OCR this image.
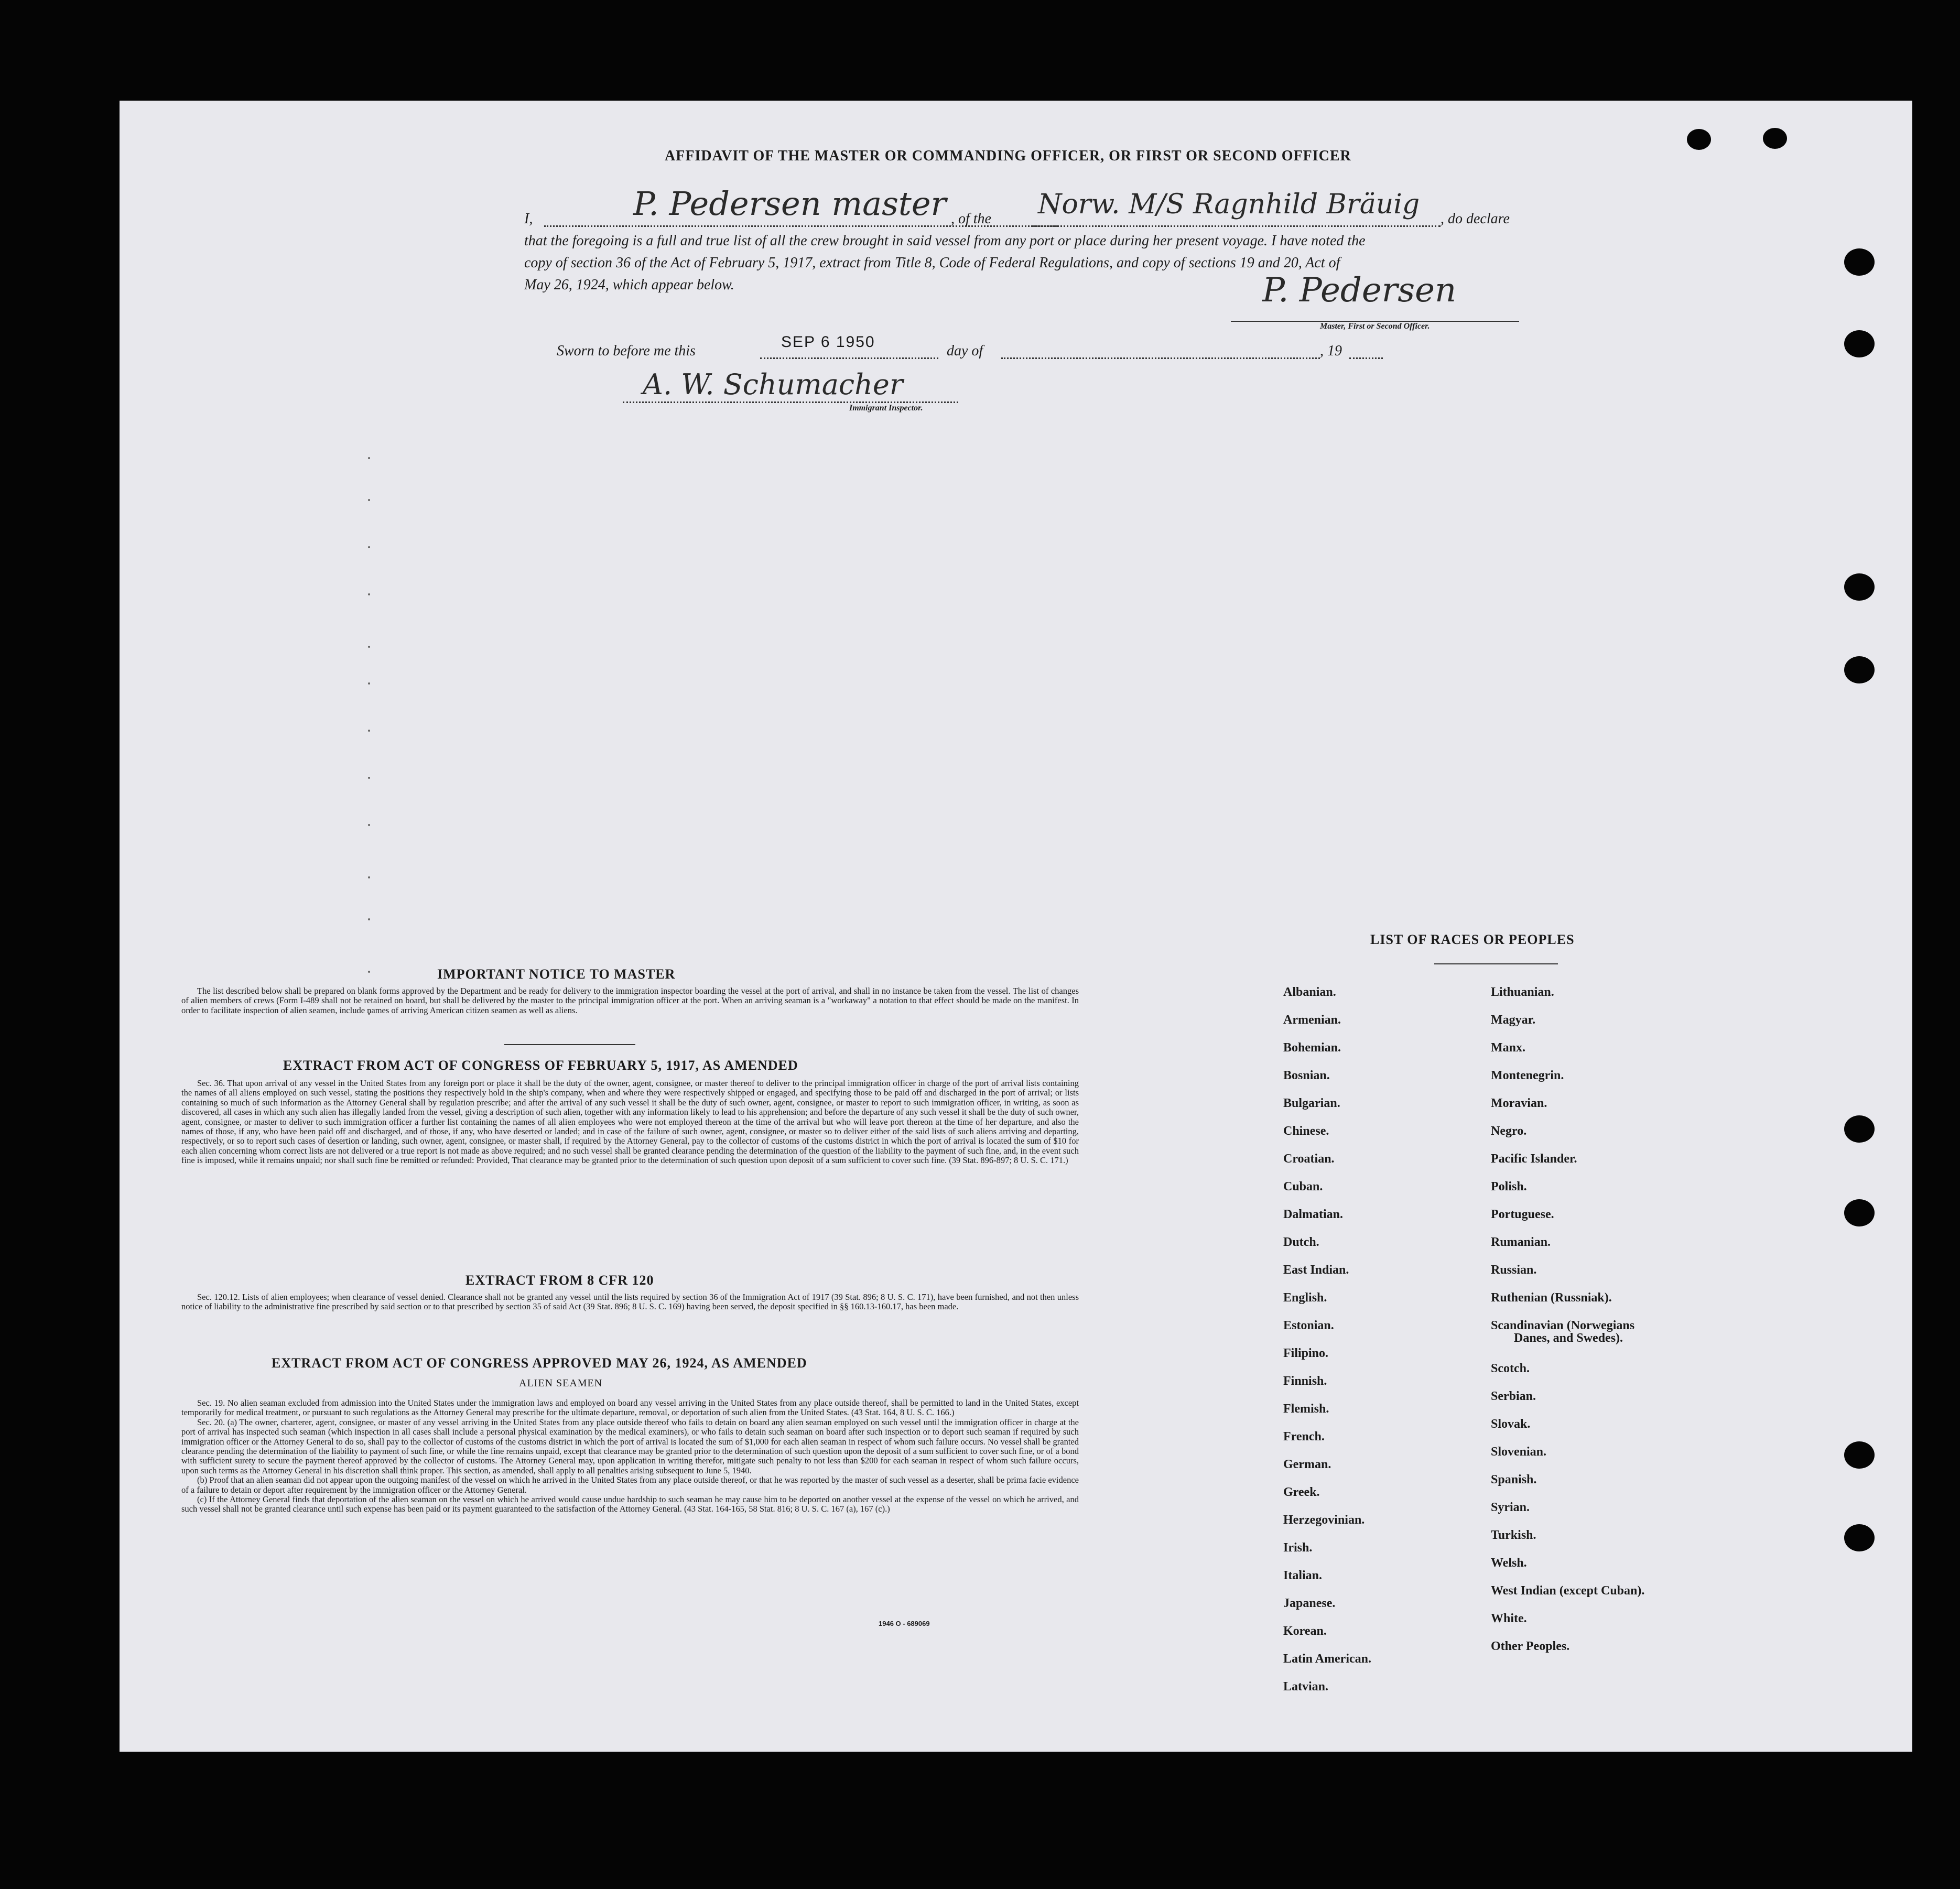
AFFIDAVIT OF THE MASTER OR COMMANDING OFFICER, OR FIRST OR SECOND OFFICER
I,	P. Pedersen master , of the Norw. M/S Ragnhild Bräuig , do declare
that the foregoing is a full and true list of all the crew brought in said vessel from any port or place during her present voyage. I have noted the
copy of section 36 of the Act of February 5, 1917, extract from Title 8, Code of Federal Regulations, and copy of sections 19 and 20, Act of
May 26, 1924, which appear below.	P. Pedersen
Master, First or Second Officer.
Sworn to before me this
SEP 6 1950
day of	, 19
A. W. Schumacher
Immigrant Inspector.
IMPORTANT NOTICE TO MASTER

The list described below shall be prepared on blank forms approved by the Department and be ready for delivery to the immigration inspector boarding the vessel at the port of arrival, and shall in no instance be taken from the vessel. The list of changes of alien members of crews (Form I-489 shall not be retained on board, but shall be delivered by the master to the principal immigration officer at the port. When an arriving seaman is a "workaway" a notation to that effect should be made on the manifest. In order to facilitate inspection of alien seamen, include names of arriving American citizen seamen as well as aliens.

EXTRACT FROM ACT OF CONGRESS OF FEBRUARY 5, 1917, AS AMENDED

Sec. 36. That upon arrival of any vessel in the United States from any foreign port or place it shall be the duty of the owner, agent, consignee, or master thereof to deliver to the principal immigration officer in charge of the port of arrival lists containing the names of all aliens employed on such vessel, stating the positions they respectively hold in the ship's company, when and where they were respectively shipped or engaged, and specifying those to be paid off and discharged in the port of arrival; or lists containing so much of such information as the Attorney General shall by regulation prescribe; and after the arrival of any such vessel it shall be the duty of such owner, agent, consignee, or master to report to such immigration officer, in writing, as soon as discovered, all cases in which any such alien has illegally landed from the vessel, giving a description of such alien, together with any information likely to lead to his apprehension; and before the departure of any such vessel it shall be the duty of such owner, agent, consignee, or master to deliver to such immigration officer a further list containing the names of all alien employees who were not employed thereon at the time of the arrival but who will leave port thereon at the time of her departure, and also the names of those, if any, who have been paid off and discharged, and of those, if any, who have deserted or landed; and in case of the failure of such owner, agent, consignee, or master so to deliver either of the said lists of such aliens arriving and departing, respectively, or so to report such cases of desertion or landing, such owner, agent, consignee, or master shall, if required by the Attorney General, pay to the collector of customs of the customs district in which the port of arrival is located the sum of $10 for each alien concerning whom correct lists are not delivered or a true report is not made as above required; and no such vessel shall be granted clearance pending the determination of the question of the liability to the payment of such fine, and, in the event such fine is imposed, while it remains unpaid; nor shall such fine be remitted or refunded: Provided, That clearance may be granted prior to the determination of such question upon deposit of a sum sufficient to cover such fine. (39 Stat. 896-897; 8 U. S. C. 171.)

EXTRACT FROM 8 CFR 120

Sec. 120.12. Lists of alien employees; when clearance of vessel denied. Clearance shall not be granted any vessel until the lists required by section 36 of the Immigration Act of 1917 (39 Stat. 896; 8 U. S. C. 171), have been furnished, and not then unless notice of liability to the administrative fine prescribed by said section or to that prescribed by section 35 of said Act (39 Stat. 896; 8 U. S. C. 169) having been served, the deposit specified in §§ 160.13-160.17, has been made.

EXTRACT FROM ACT OF CONGRESS APPROVED MAY 26, 1924, AS AMENDED
ALIEN SEAMEN

Sec. 19. No alien seaman excluded from admission into the United States under the immigration laws and employed on board any vessel arriving in the United States from any place outside thereof, shall be permitted to land in the United States, except temporarily for medical treatment, or pursuant to such regulations as the Attorney General may prescribe for the ultimate departure, removal, or deportation of such alien from the United States. (43 Stat. 164, 8 U. S. C. 166.)

Sec. 20. (a) The owner, charterer, agent, consignee, or master of any vessel arriving in the United States from any place outside thereof who fails to detain on board any alien seaman employed on such vessel until the immigration officer in charge at the port of arrival has inspected such seaman (which inspection in all cases shall include a personal physical examination by the medical examiners), or who fails to detain such seaman on board after such inspection or to deport such seaman if required by such immigration officer or the Attorney General to do so, shall pay to the collector of customs of the customs district in which the port of arrival is located the sum of $1,000 for each alien seaman in respect of whom such failure occurs. No vessel shall be granted clearance pending the determination of the liability to payment of such fine, or while the fine remains unpaid, except that clearance may be granted prior to the determination of such question upon the deposit of a sum sufficient to cover such fine, or of a bond with sufficient surety to secure the payment thereof approved by the collector of customs. The Attorney General may, upon application in writing therefor, mitigate such penalty to not less than $200 for each seaman in respect of whom such failure occurs, upon such terms as the Attorney General in his discretion shall think proper. This section, as amended, shall apply to all penalties arising subsequent to June 5, 1940.

(b) Proof that an alien seaman did not appear upon the outgoing manifest of the vessel on which he arrived in the United States from any place outside thereof, or that he was reported by the master of such vessel as a deserter, shall be prima facie evidence of a failure to detain or deport after requirement by the immigration officer or the Attorney General.

(c) If the Attorney General finds that deportation of the alien seaman on the vessel on which he arrived would cause undue hardship to such seaman he may cause him to be deported on another vessel at the expense of the vessel on which he arrived, and such vessel shall not be granted clearance until such expense has been paid or its payment guaranteed to the satisfaction of the Attorney General. (43 Stat. 164-165, 58 Stat. 816; 8 U. S. C. 167 (a), 167 (c).)

1946 O - 689069
LIST OF RACES OR PEOPLES
Albanian.
Armenian.
Bohemian.
Bosnian.
Bulgarian.
Chinese.
Croatian.
Cuban.
Dalmatian.
Dutch.
East Indian.
English.
Estonian.
Filipino.
Finnish.
Flemish.
French.
German.
Greek.
Herzegovinian.
Irish.
Italian.
Japanese.
Korean.
Latin American.
Latvian.
Lithuanian.
Magyar.
Manx.
Montenegrin.
Moravian.
Negro.
Pacific Islander.
Polish.
Portuguese.
Rumanian.
Russian.
Ruthenian (Russniak).
Scandinavian (Norwegians
Danes, and Swedes).
Scotch.
Serbian.
Slovak.
Slovenian.
Spanish.
Syrian.
Turkish.
Welsh.
West Indian (except Cuban).
White.
Other Peoples.
